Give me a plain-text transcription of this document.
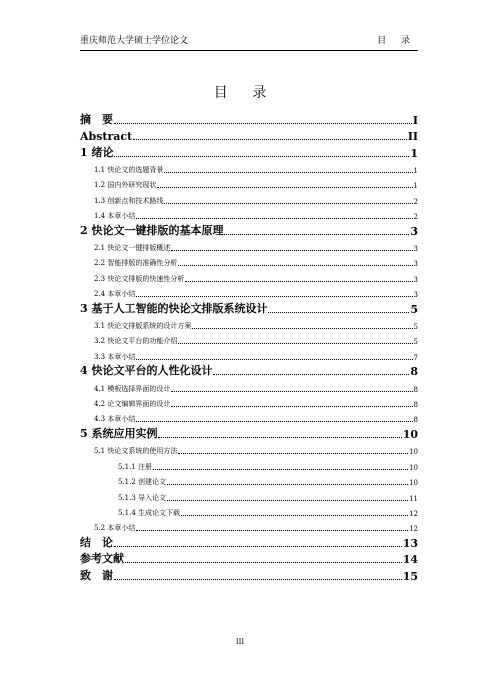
重庆师范大学硕士学位论文	目 录
目 录
摘　要	I
Abstract	II
1 绪论	1
1.1 快论文的选题背景	1
1.2 国内外研究现状	1
1.3 创新点和技术路线	2
1.4 本章小结	2
2 快论文一键排版的基本原理	3
2.1 快论文一键排版概述	3
2.2 智能排版的准确性分析	3
2.3 快论文排版的快速性分析	3
2.4 本章小结	3
3 基于人工智能的快论文排版系统设计	5
3.1 快论文排版系统的设计方案	5
3.2 快论文平台的功能介绍	5
3.3 本章小结	7
4 快论文平台的人性化设计	8
4.1 模板选择界面的设计	8
4.2 论文编辑界面的设计	8
4.3 本章小结	8
5 系统应用实例	10
5.1 快论文系统的使用方法	10
5.1.1 注册	10
5.1.2 创建论文	10
5.1.3 导入论文	11
5.1.4 生成论文下载	12
5.2 本章小结	12
结　论	13
参考文献	14
致　谢	15
III
